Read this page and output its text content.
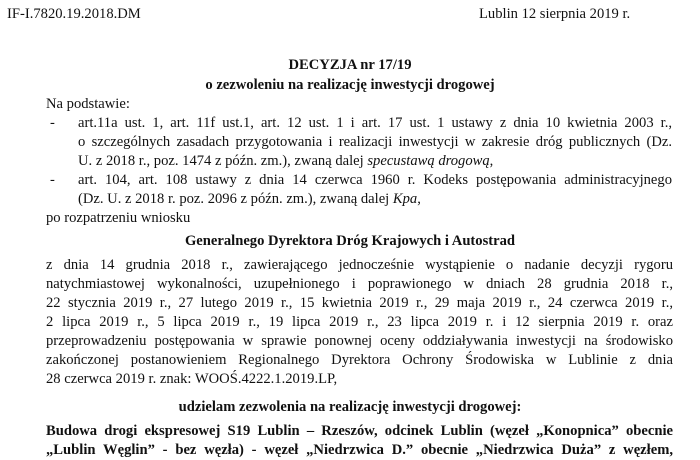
IF-I.7820.19.2018.DM	Lublin 12 sierpnia 2019 r.
DECYZJA nr 17/19
o zezwoleniu na realizację inwestycji drogowej
Na podstawie:
- art.11a ust. 1, art. 11f ust.1, art. 12 ust. 1 i art. 17 ust. 1 ustawy z dnia 10 kwietnia 2003 r.,
o szczególnych zasadach przygotowania i realizacji inwestycji w zakresie dróg publicznych (Dz.
U. z 2018 r., poz. 1474 z późn. zm.), zwaną dalej specustawą drogową,
- art. 104, art. 108 ustawy z dnia 14 czerwca 1960 r. Kodeks postępowania administracyjnego
(Dz. U. z 2018 r. poz. 2096 z późn. zm.), zwaną dalej Kpa,
po rozpatrzeniu wniosku
Generalnego Dyrektora Dróg Krajowych i Autostrad
z dnia 14 grudnia 2018 r., zawierającego jednocześnie wystąpienie o nadanie decyzji rygoru
natychmiastowej wykonalności, uzupełnionego i poprawionego w dniach 28 grudnia 2018 r.,
22 stycznia 2019 r., 27 lutego 2019 r., 15 kwietnia 2019 r., 29 maja 2019 r., 24 czerwca 2019 r.,
2 lipca 2019 r., 5 lipca 2019 r., 19 lipca 2019 r., 23 lipca 2019 r. i 12 sierpnia 2019 r. oraz
przeprowadzeniu postępowania w sprawie ponownej oceny oddziaływania inwestycji na środowisko
zakończonej postanowieniem Regionalnego Dyrektora Ochrony Środowiska w Lublinie z dnia
28 czerwca 2019 r. znak: WOOŚ.4222.1.2019.LP,
udzielam zezwolenia na realizację inwestycji drogowej:
Budowa drogi ekspresowej S19 Lublin – Rzeszów, odcinek Lublin (węzeł „Konopnica” obecnie
„Lublin Węglin” - bez węzła) - węzeł „Niedrzwica D.” obecnie „Niedrzwica Duża” z węzłem,
